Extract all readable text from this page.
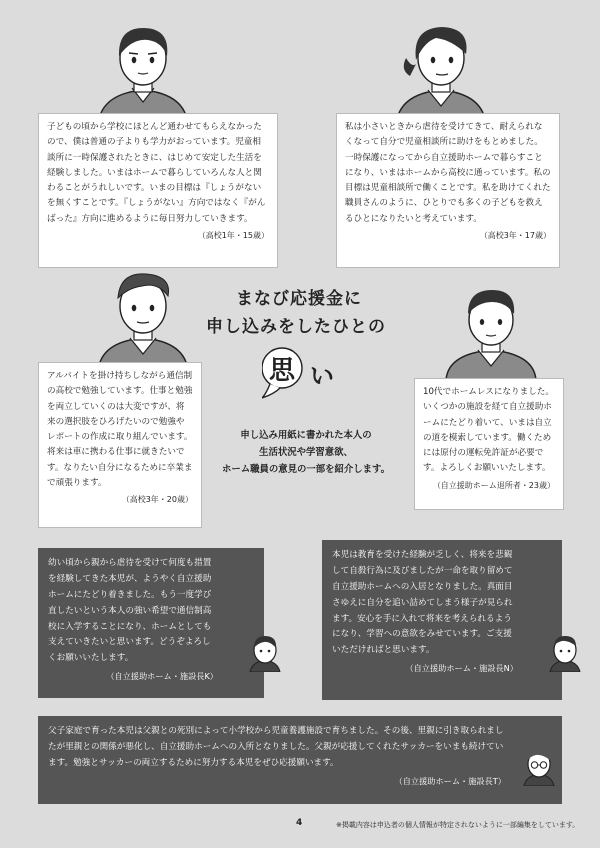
子どもの頃から学校にほとんど通わせてもらえなかったので、僕は普通の子よりも学力がおっています。児童相談所に一時保護されたときに、はじめて安定した生活を経験しました。いまはホームで暮らしていろんな人と関わることがうれしいです。いまの目標は『しょうがないを無くすことです。『しょうがない』方向ではなく『がんばった』方向に進めるように毎日努力していきます。

（高校1年・15歳）

私は小さいときから虐待を受けてきて、耐えられなくなって自分で児童相談所に助けをもとめました。一時保護になってから自立援助ホームで暮らすことになり、いまはホームから高校に通っています。私の目標は児童相談所で働くことです。私を助けてくれた職員さんのように、ひとりでも多くの子どもを救えるひとになりたいと考えています。

（高校3年・17歳）

アルバイトを掛け持ちしながら通信制の高校で勉強しています。仕事と勉強を両立していくのは大変ですが、将来の選択肢をひろげたいので勉強やレポートの作成に取り組んでいます。将来は車に携わる仕事に就きたいです。なりたい自分になるために卒業まで頑張ります。

（高校3年・20歳）

10代でホームレスになりました。いくつかの施設を経て自立援助ホームにたどり着いて、いまは自立の道を模索しています。働くためには原付の運転免許証が必要です。よろしくお願いいたします。

（自立援助ホーム退所者・23歳）
まなび応援金に
申し込みをしたひとの
思 い
申し込み用紙に書かれた本人の
生活状況や学習意欲、
ホーム職員の意見の一部を紹介します。

幼い頃から親から虐待を受けて何度も措置を経験してきた本児が、ようやく自立援助ホームにたどり着きました。もう一度学び直したいという本人の強い希望で通信制高校に入学することになり、ホームとしても支えていきたいと思います。どうぞよろしくお願いいたします。

（自立援助ホーム・施設長K）

本児は教育を受けた経験が乏しく、将来を悲観して自殺行為に及びましたが一命を取り留めて自立援助ホームへの入居となりました。真面目さゆえに自分を追い詰めてしまう様子が見られます。安心を手に入れて将来を考えられるようになり、学習への意欲をみせています。ご支援いただければと思います。

（自立援助ホーム・施設長N）

父子家庭で育った本児は父親との死別によって小学校から児童養護施設で育ちました。その後、里親に引き取られましたが里親との関係が悪化し、自立援助ホームへの入所となりました。父親が応援してくれたサッカーをいまも続けています。勉強とサッカーの両立するために努力する本児をぜひ応援願います。

（自立援助ホーム・施設長T）
4	※掲載内容は申込者の個人情報が特定されないように一部編集をしています。
